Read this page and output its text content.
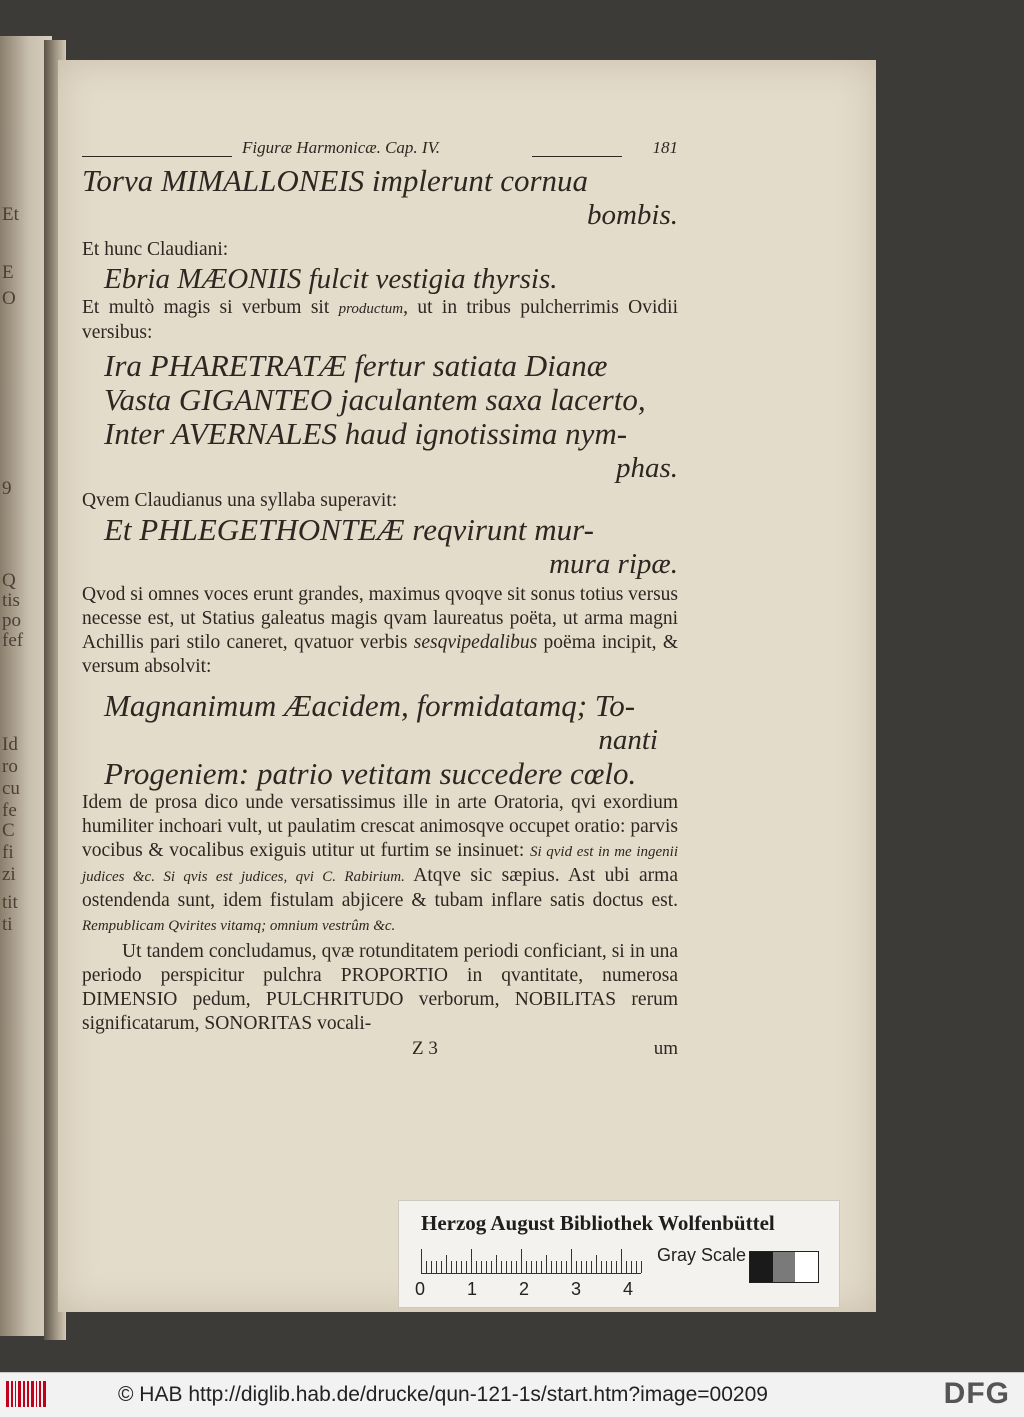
Et
E
O
9
Q
tis
po
fef
Id
ro
cu
fe
C
fi
zi
tit
ti
Figuræ Harmonicæ. Cap. IV.	181
Torva MIMALLONEIS implerunt cornua
bombis.
Et hunc Claudiani:
Ebria MÆONIIS fulcit vestigia thyrsis.
Et multò magis si verbum sit productum, ut in tribus pulcherrimis Ovidii versibus:
Ira PHARETRATÆ fertur satiata Dianæ
Vasta GIGANTEO jaculantem saxa lacerto,
Inter AVERNALES haud ignotissima nym-
phas.
Qvem Claudianus una syllaba superavit:
Et PHLEGETHONTEÆ reqvirunt mur-
mura ripæ.
Qvod si omnes voces erunt grandes, maximus qvoqve sit sonus totius versus necesse est, ut Statius galeatus magis qvam laureatus poëta, ut arma magni Achillis pari stilo caneret, qvatuor verbis sesqvipedalibus poëma incipit, & versum absolvit:
Magnanimum Æacidem, formidatamq; To-
nanti
Progeniem: patrio vetitam succedere cœlo.
Idem de prosa dico unde versatissimus ille in arte Oratoria, qvi exordium humiliter inchoari vult, ut paulatim crescat animosqve occupet oratio: parvis vocibus & vocalibus exiguis utitur ut furtim se insinuet: Si qvid est in me ingenii judices &c. Si qvis est judices, qvi C. Rabirium. Atqve sic sæpius. Ast ubi arma ostendenda sunt, idem fistulam abjicere & tubam inflare satis doctus est. Rempublicam Qvirites vitamq; omnium vestrûm &c.
Ut tandem concludamus, qvæ rotunditatem periodi conficiant, si in una periodo perspicitur pulchra PROPORTIO in qvantitate, numerosa DIMENSIO pedum, PULCHRITUDO verborum, NOBILITAS rerum significatarum, SONORITAS vocali-
Z 3	um
Herzog August Bibliothek Wolfenbüttel
0 1 2 3 4
Gray Scale
© HAB http://diglib.hab.de/drucke/qun-121-1s/start.htm?image=00209	DFG
